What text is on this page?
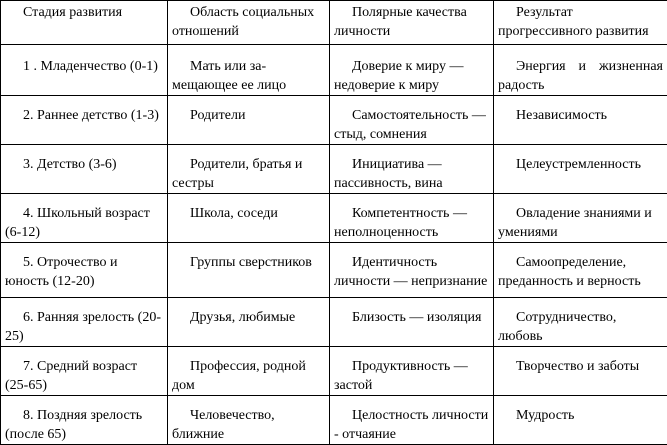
Стадия развития	Область социальных отношений	Полярные качества личности	Результат прогрессивного развития
1 . Младенчество (0-1)	Мать или за-мещающее ее лицо	Доверие к миру — недоверие к миру	Энергия и жизненная радость
2. Раннее детство (1-3)	Родители	Самостоятельность — стыд, сомнения	Независимость
3. Детство (3-6)	Родители, братья и сестры	Инициатива — пассивность, вина	Целеустремленность
4. Школьный возраст (6-12)	Школа, соседи	Компетентность — неполноценность	Овладение знаниями и умениями
5. Отрочество и юность (12-20)	Группы сверстников	Идентичность личности — непризнание	Самоопределение, преданность и верность
6. Ранняя зрелость (20-25)	Друзья, любимые	Близость — изоляция	Сотрудничество, любовь
7. Средний возраст (25-65)	Профессия, родной дом	Продуктивность — застой	Творчество и заботы
8. Поздняя зрелость (после 65)	Человечество, ближние	Целостность личности - отчаяние	Мудрость
